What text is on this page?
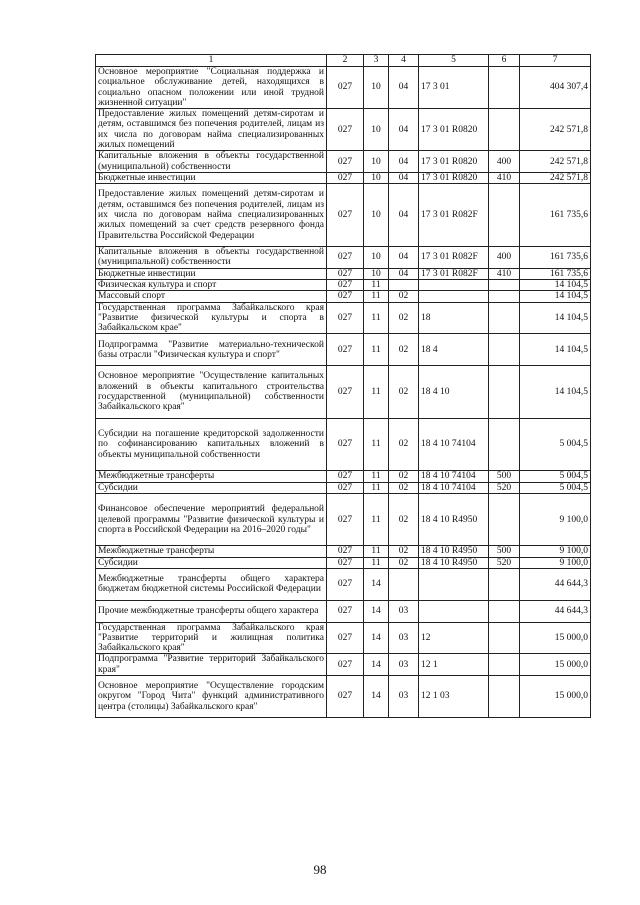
1	2	3	4	5	6	7
Основное мероприятие "Социальная поддержка и социальное обслуживание детей, находящихся в социально опасном положении или иной трудной жизненной ситуации"	027	10	04	17 3 01		404 307,4
Предоставление жилых помещений детям-сиротам и детям, оставшимся без попечения родителей, лицам из их числа по договорам найма специализированных жилых помещений	027	10	04	17 3 01 R0820		242 571,8
Капитальные вложения в объекты государственной (муниципальной) собственности	027	10	04	17 3 01 R0820	400	242 571,8
Бюджетные инвестиции	027	10	04	17 3 01 R0820	410	242 571,8
Предоставление жилых помещений детям-сиротам и детям, оставшимся без попечения родителей, лицам из их числа по договорам найма специализированных жилых помещений за счет средств резервного фонда Правительства Российской Федерации	027	10	04	17 3 01 R082F		161 735,6
Капитальные вложения в объекты государственной (муниципальной) собственности	027	10	04	17 3 01 R082F	400	161 735,6
Бюджетные инвестиции	027	10	04	17 3 01 R082F	410	161 735,6
Физическая культура и спорт	027	11				14 104,5
Массовый спорт	027	11	02			14 104,5
Государственная программа Забайкальского края "Развитие физической культуры и спорта в Забайкальском крае"	027	11	02	18		14 104,5
Подпрограмма "Развитие материально-технической базы отрасли "Физическая культура и спорт"	027	11	02	18 4		14 104,5
Основное мероприятие "Осуществление капитальных вложений в объекты капитального строительства государственной (муниципальной) собственности Забайкальского края"	027	11	02	18 4 10		14 104,5
Субсидии на погашение кредиторской задолженности по софинансированию капитальных вложений в объекты муниципальной собственности	027	11	02	18 4 10 74104		5 004,5
Межбюджетные трансферты	027	11	02	18 4 10 74104	500	5 004,5
Субсидии	027	11	02	18 4 10 74104	520	5 004,5
Финансовое обеспечение мероприятий федеральной целевой программы "Развитие физической культуры и спорта в Российской Федерации на 2016–2020 годы"	027	11	02	18 4 10 R4950		9 100,0
Межбюджетные трансферты	027	11	02	18 4 10 R4950	500	9 100,0
Субсидии	027	11	02	18 4 10 R4950	520	9 100,0
Межбюджетные трансферты общего характера бюджетам бюджетной системы Российской Федерации	027	14				44 644,3
Прочие межбюджетные трансферты общего характера	027	14	03			44 644,3
Государственная программа Забайкальского края "Развитие территорий и жилищная политика Забайкальского края"	027	14	03	12		15 000,0
Подпрограмма "Развитие территорий Забайкальского края"	027	14	03	12 1		15 000,0
Основное мероприятие "Осуществление городским округом "Город Чита" функций административного центра (столицы) Забайкальского края"	027	14	03	12 1 03		15 000,0
98
